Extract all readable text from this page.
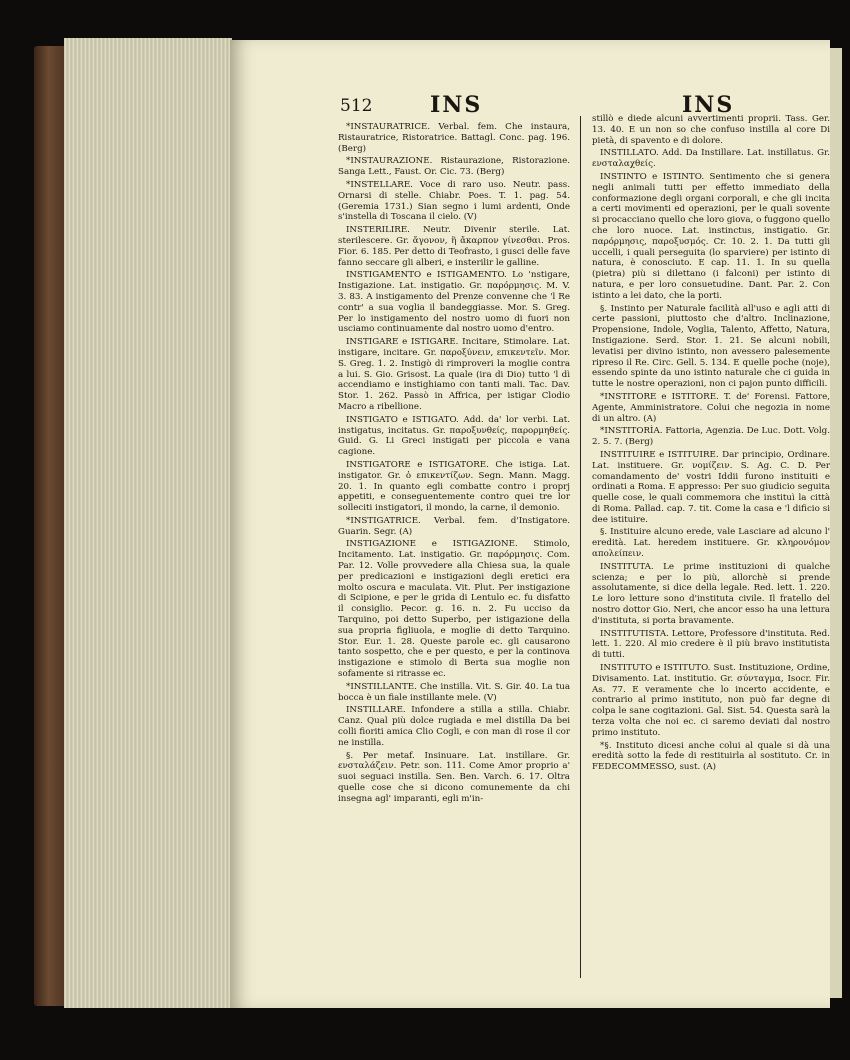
512	INS	INS

*INSTAURATRICE. Verbal. fem. Che instaura, Ristauratrice, Ristoratrice. Battagl. Conc. pag. 196. (Berg)

*INSTAURAZIONE. Ristaurazione, Ristorazione. Sanga Lett., Faust. Or. Cic. 73. (Berg)

*INSTELLARE. Voce di raro uso. Neutr. pass. Ornarsi di stelle. Chiabr. Poes. T. 1. pag. 54. (Geremia 1731.) Sian segno i lumi ardenti, Onde s'instella di Toscana il cielo. (V)

INSTERILIRE. Neutr. Divenir sterile. Lat. sterilescere. Gr. ἄγονον, ἢ ἄκαρπον γίνεσθαι. Pros. Fior. 6. 185. Per detto di Teofrasto, i gusci delle fave fanno seccare gli alberi, e insterilir le galline.

INSTIGAMENTO e ISTIGAMENTO. Lo 'nstigare, Instigazione. Lat. instigatio. Gr. παρόρμησις. M. V. 3. 83. A instigamento del Prenze convenne che 'l Re contr' a sua voglia il bandeggiasse. Mor. S. Greg. Per lo instigamento del nostro uomo di fuori non usciamo continuamente dal nostro uomo d'entro.

INSTIGARE e ISTIGARE. Incitare, Stimolare. Lat. instigare, incitare. Gr. παροξύνειν, επικεντεῖν. Mor. S. Greg. 1. 2. Instigò di rimproveri la moglie contra a lui. S. Gio. Grisost. La quale (ira di Dio) tutto 'l dì accendiamo e instighiamo con tanti mali. Tac. Dav. Stor. 1. 262. Passò in Affrica, per istigar Clodio Macro a ribellione.

INSTIGATO e ISTIGATO. Add. da' lor verbi. Lat. instigatus, incitatus. Gr. παροξυνθείς, παρορμηθείς. Guid. G. Li Greci instigati per piccola e vana cagione.

INSTIGATORE e ISTIGATORE. Che istiga. Lat. instigator. Gr. ὁ επικεντίζων. Segn. Mann. Magg. 20. 1. In quanto egli combatte contro i proprj appetiti, e conseguentemente contro quei tre lor solleciti instigatori, il mondo, la carne, il demonio.

*INSTIGATRICE. Verbal. fem. d'Instigatore. Guarin. Segr. (A)

INSTIGAZIONE e ISTIGAZIONE. Stimolo, Incitamento. Lat. instigatio. Gr. παρόρμησις. Com. Par. 12. Volle provvedere alla Chiesa sua, la quale per predicazioni e instigazioni degli eretici era molto oscura e maculata. Vit. Plut. Per instigazione di Scipione, e per le grida di Lentulo ec. fu disfatto il consiglio. Pecor. g. 16. n. 2. Fu ucciso da Tarquino, poi detto Superbo, per istigazione della sua propria figliuola, e moglie di detto Tarquino. Stor. Eur. 1. 28. Queste parole ec. gli causarono tanto sospetto, che e per questo, e per la continova instigazione e stimolo di Berta sua moglie non sofamente si ritrasse ec.

*INSTILLANTE. Che instilla. Vit. S. Gir. 40. La tua bocca è un fiale instillante mele. (V)

INSTILLARE. Infondere a stilla a stilla. Chiabr. Canz. Qual più dolce rugiada e mel distilla Da bei colli fioriti amica Clio Cogli, e con man di rose il cor ne instilla.

§. Per metaf. Insinuare. Lat. instillare. Gr. ενσταλάζειν. Petr. son. 111. Come Amor proprio a' suoi seguaci instilla. Sen. Ben. Varch. 6. 17. Oltra quelle cose che si dicono comunemente da chi insegna agl' imparanti, egli m'in-

stillò e diede alcuni avvertimenti proprii. Tass. Ger. 13. 40. E un non so che confuso instilla al core Di pietà, di spavento e di dolore.

INSTILLATO. Add. Da Instillare. Lat. instillatus. Gr. ενσταλαχθείς.

INSTINTO e ISTINTO. Sentimento che si genera negli animali tutti per effetto immediato della conformazione degli organi corporali, e che gli incita a certi movimenti ed operazioni, per le quali sovente si procacciano quello che loro giova, o fuggono quello che loro nuoce. Lat. instinctus, instigatio. Gr. παρόρμησις, παροξυσμός. Cr. 10. 2. 1. Da tutti gli uccelli, i quali perseguita (lo sparviere) per istinto di natura, è conosciuto. E cap. 11. 1. In su quella (pietra) più si dilettano (i falconi) per istinto di natura, e per loro consuetudine. Dant. Par. 2. Con istinto a lei dato, che la porti.

§. Instinto per Naturale facilità all'uso e agli atti di certe passioni, piuttosto che d'altro. Inclinazione, Propensione, Indole, Voglia, Talento, Affetto, Natura, Instigazione. Serd. Stor. 1. 21. Se alcuni nobili, levatisi per divino istinto, non avessero palesemente ripreso il Re. Circ. Gell. 5. 134. E quelle poche (noje), essendo spinte da uno istinto naturale che ci guida in tutte le nostre operazioni, non ci pajon punto difficili.

*INSTITORE e ISTITORE. T. de' Forensi. Fattore, Agente, Amministratore. Colui che negozia in nome di un altro. (A)

*INSTITORÌA. Fattoria, Agenzia. De Luc. Dott. Volg. 2. 5. 7. (Berg)

INSTITUIRE e ISTITUIRE. Dar principio, Ordinare. Lat. instituere. Gr. νομίζειν. S. Ag. C. D. Per comandamento de' vostri Iddii furono instituiti e ordinati a Roma. E appresso: Per suo giudicio seguita quelle cose, le quali commemora che instituì la città di Roma. Pallad. cap. 7. tit. Come la casa e 'l dificio si dee istituire.

§. Instituire alcuno erede, vale Lasciare ad alcuno l' eredità. Lat. heredem instituere. Gr. κληρονόμον απολείπειν.

INSTITUTA. Le prime instituzioni di qualche scienza; e per lo più, allorchè si prende assolutamente, si dice della legale. Red. lett. 1. 220. Le loro letture sono d'instituta civile. Il fratello del nostro dottor Gio. Neri, che ancor esso ha una lettura d'instituta, si porta bravamente.

INSTITUTISTA. Lettore, Professore d'instituta. Red. lett. 1. 220. Al mio credere è il più bravo institutista di tutti.

INSTITUTO e ISTITUTO. Sust. Instituzione, Ordine, Divisamento. Lat. institutio. Gr. σύνταγμα, Isocr. Fir. As. 77. E veramente che lo incerto accidente, e contrario al primo instituto, non può far degne di colpa le sane cogitazioni. Gal. Sist. 54. Questa sarà la terza volta che noi ec. ci saremo deviati dal nostro primo instituto.

*§. Instituto dicesi anche colui al quale si dà una eredità sotto la fede di restituirla al sostituto. Cr. in FEDECOMMESSO, sust. (A)
